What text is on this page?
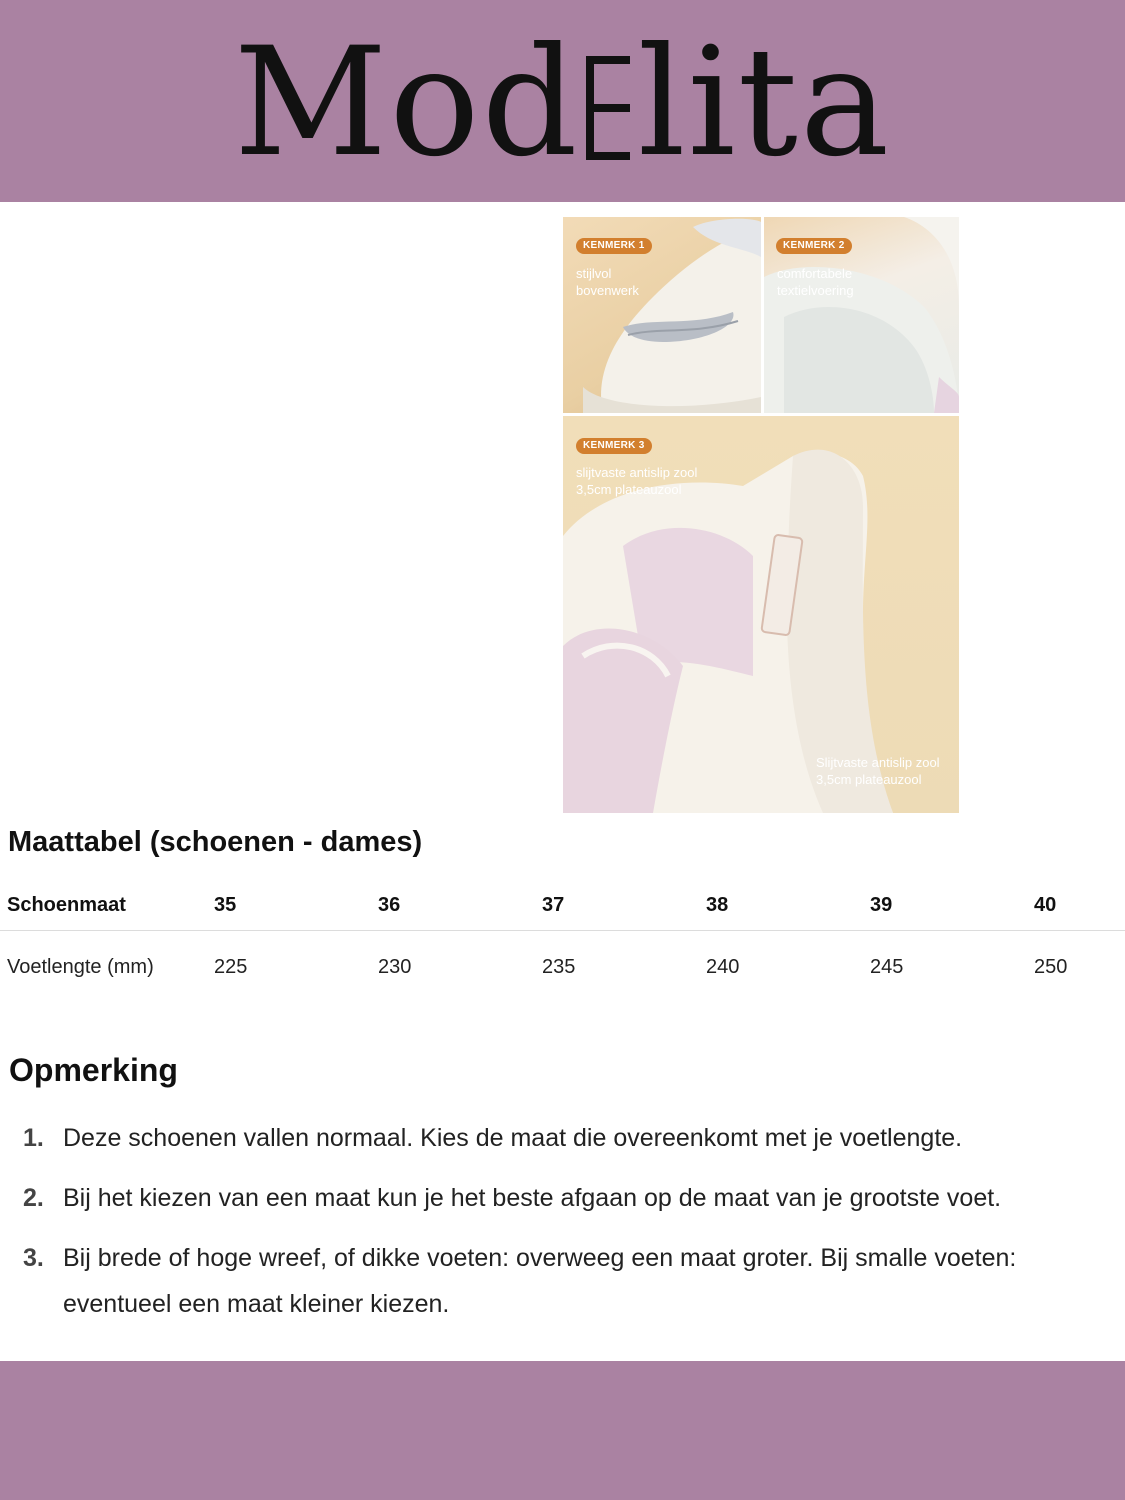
Mod lita
KENMERK 1
stijlvol
bovenwerk
KENMERK 2
comfortabele
textielvoering
KENMERK 3
slijtvaste antislip zool
3,5cm plateauzool
Slijtvaste antislip zool
3,5cm plateauzool
Maattabel (schoenen - dames)
Schoenmaat	35	36	37	38	39	40
Voetlengte (mm)	225	230	235	240	245	250
Opmerking
1. Deze schoenen vallen normaal. Kies de maat die overeenkomt met je voetlengte.
2. Bij het kiezen van een maat kun je het beste afgaan op de maat van je grootste voet.
3. Bij brede of hoge wreef, of dikke voeten: overweeg een maat groter. Bij smalle voeten: eventueel een maat kleiner kiezen.
